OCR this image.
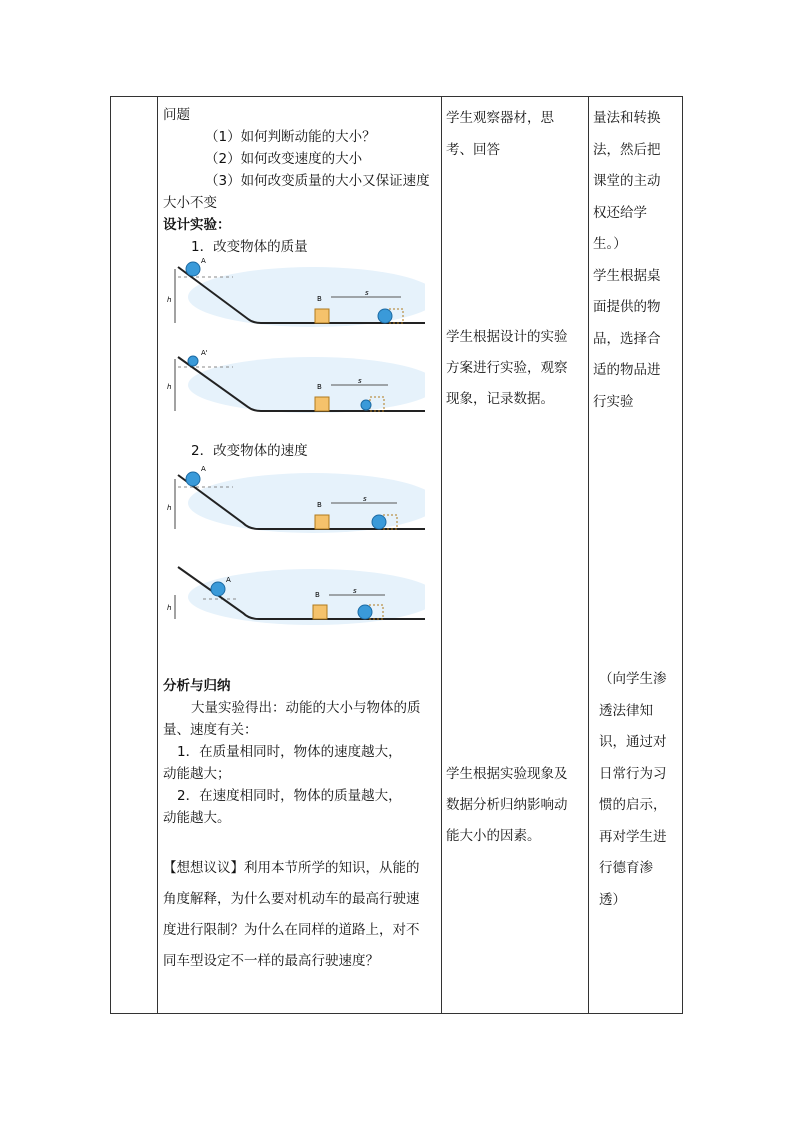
问题
（1）如何判断动能的大小？
（2）如何改变速度的大小
（3）如何改变质量的大小又保证速度
大小不变
设计实验：
1．改变物体的质量
h
A
B
s
h
A'
B
s
2．改变物体的速度
h
A
B
s
h
A
B	s
分析与归纳
大量实验得出：动能的大小与物体的质
量、速度有关：
1．在质量相同时，物体的速度越大，
动能越大；
2．在速度相同时，物体的质量越大，
动能越大。
【想想议议】利用本节所学的知识，从能的
角度解释，为什么要对机动车的最高行驶速
度进行限制？为什么在同样的道路上，对不
同车型设定不一样的最高行驶速度？
学生观察器材，思
考、回答
学生根据设计的实验
方案进行实验，观察
现象，记录数据。
学生根据实验现象及
数据分析归纳影响动
能大小的因素。
量法和转换
法，然后把
课堂的主动
权还给学
生。）
学生根据桌
面提供的物
品，选择合
适的物品进
行实验
（向学生渗
透法律知
识，通过对
日常行为习
惯的启示，
再对学生进
行德育渗
透）
